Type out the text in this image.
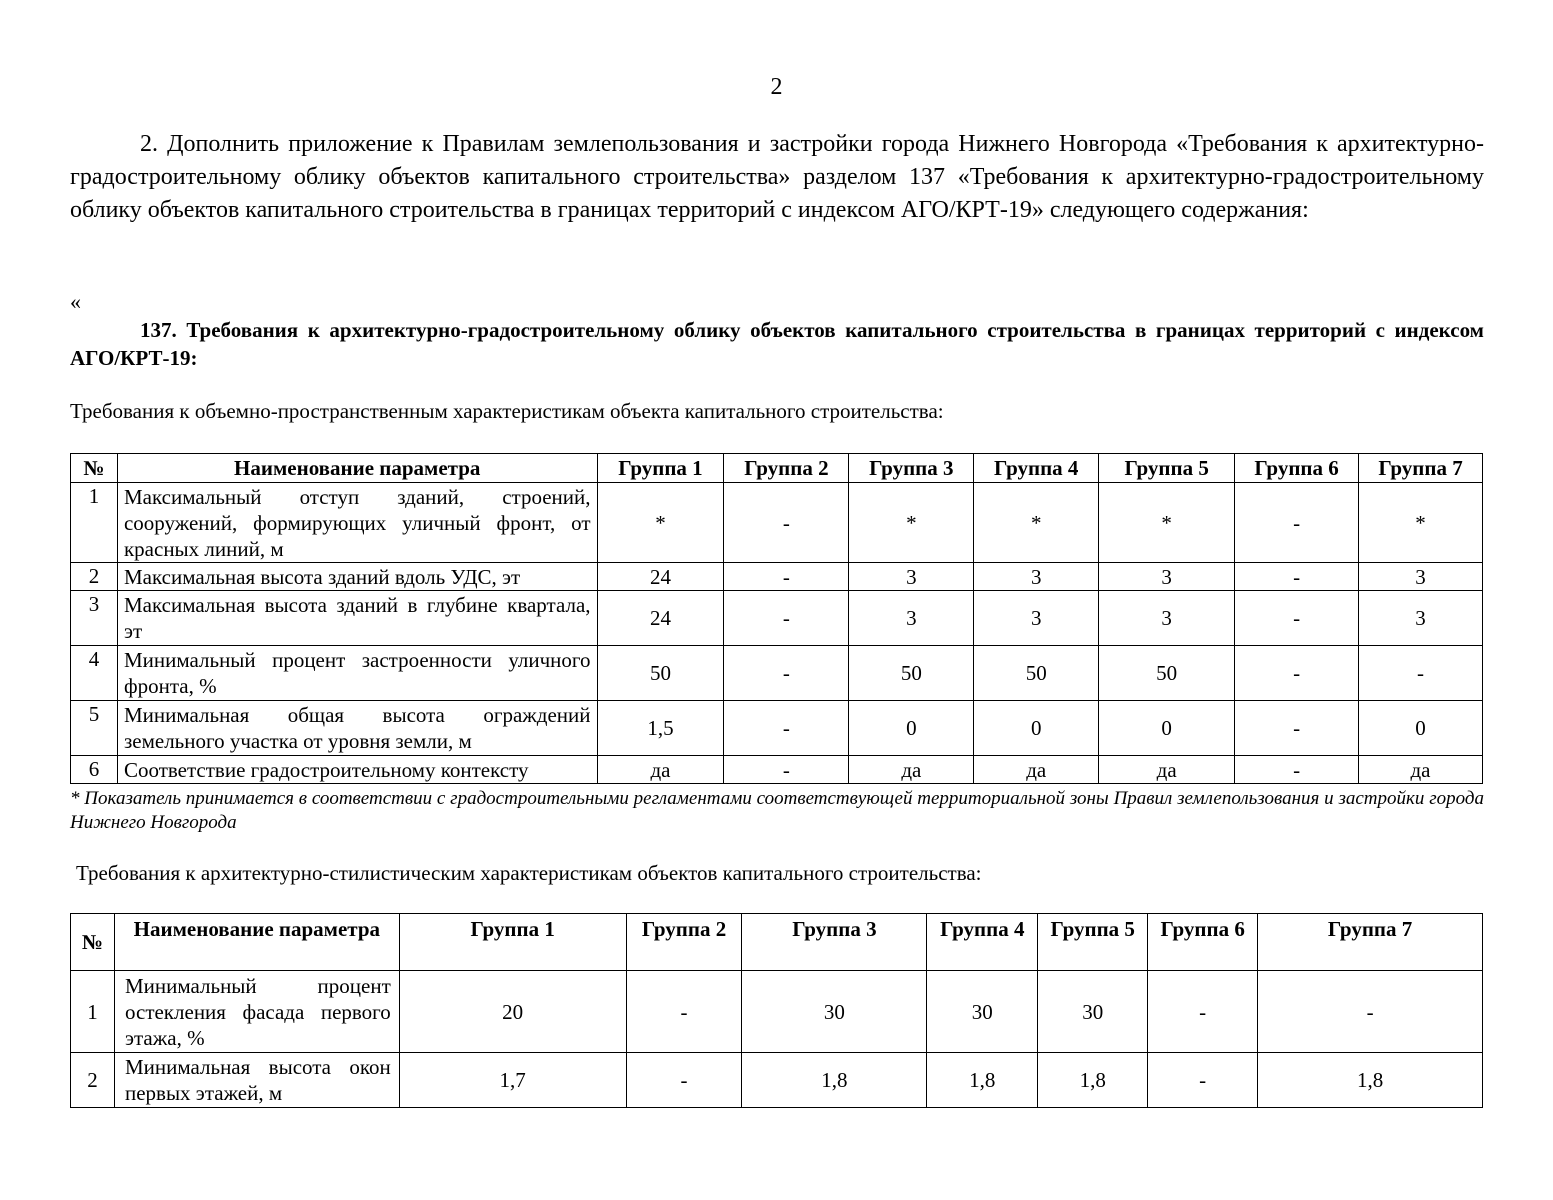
2

2. Дополнить приложение к Правилам землепользования и застройки города Нижнего Новгорода «Требования к архитектурно-градостроительному облику объектов капитального строительства» разделом 137 «Требования к архитектурно-градостроительному облику объектов капитального строительства в границах территорий с индексом АГО/КРТ-19» следующего содержания:

«

137. Требования к архитектурно-градостроительному облику объектов капитального строительства в границах территорий с индексом АГО/КРТ-19:

Требования к объемно-пространственным характеристикам объекта капитального строительства:

№	Наименование параметра	Группа 1	Группа 2	Группа 3	Группа 4	Группа 5	Группа 6	Группа 7
1	Максимальный отступ зданий, строений, сооружений, формирующих уличный фронт, от красных линий, м	*	-	*	*	*	-	*
2	Максимальная высота зданий вдоль УДС, эт	24	-	3	3	3	-	3
3	Максимальная высота зданий в глубине квартала, эт	24	-	3	3	3	-	3
4	Минимальный процент застроенности уличного фронта, %	50	-	50	50	50	-	-
5	Минимальная общая высота ограждений земельного участка от уровня земли, м	1,5	-	0	0	0	-	0
6	Соответствие градостроительному контексту	да	-	да	да	да	-	да

* Показатель принимается в соответствии с градостроительными регламентами соответствующей территориальной зоны Правил землепользования и застройки города Нижнего Новгорода

Требования к архитектурно-стилистическим характеристикам объектов капитального строительства:

№	Наименование параметра	Группа 1	Группа 2	Группа 3	Группа 4	Группа 5	Группа 6	Группа 7
1	Минимальный процент остекления фасада первого этажа, %	20	-	30	30	30	-	-
2	Минимальная высота окон первых этажей, м	1,7	-	1,8	1,8	1,8	-	1,8
